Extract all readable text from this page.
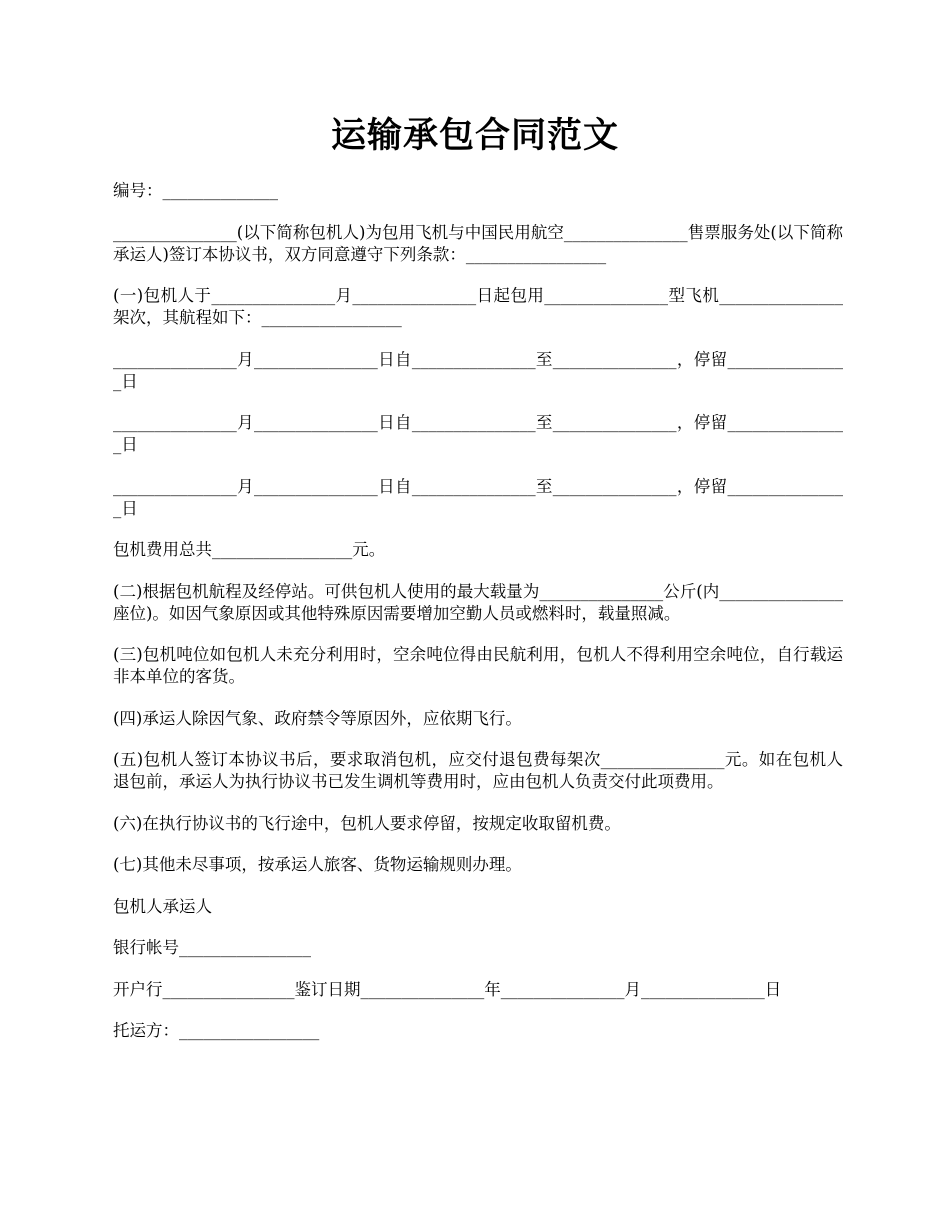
运输承包合同范文

编号：______________

_______________(以下简称包机人)为包用飞机与中国民用航空_______________售票服务处(以下简称承运人)签订本协议书，双方同意遵守下列条款：_________________

(一)包机人于_______________月_______________日起包用_______________型飞机_______________架次，其航程如下：_________________

_______________月_______________日自_______________至_______________，停留_______________日

_______________月_______________日自_______________至_______________，停留_______________日

_______________月_______________日自_______________至_______________，停留_______________日

包机费用总共_________________元。

(二)根据包机航程及经停站。可供包机人使用的最大载量为_______________公斤(内_______________座位)。如因气象原因或其他特殊原因需要增加空勤人员或燃料时，载量照减。

(三)包机吨位如包机人未充分利用时，空余吨位得由民航利用，包机人不得利用空余吨位，自行载运非本单位的客货。

(四)承运人除因气象、政府禁令等原因外，应依期飞行。

(五)包机人签订本协议书后，要求取消包机，应交付退包费每架次_______________元。如在包机人退包前，承运人为执行协议书已发生调机等费用时，应由包机人负责交付此项费用。

(六)在执行协议书的飞行途中，包机人要求停留，按规定收取留机费。

(七)其他未尽事项，按承运人旅客、货物运输规则办理。

包机人承运人

银行帐号________________

开户行________________鉴订日期_______________年_______________月_______________日

托运方：_________________
